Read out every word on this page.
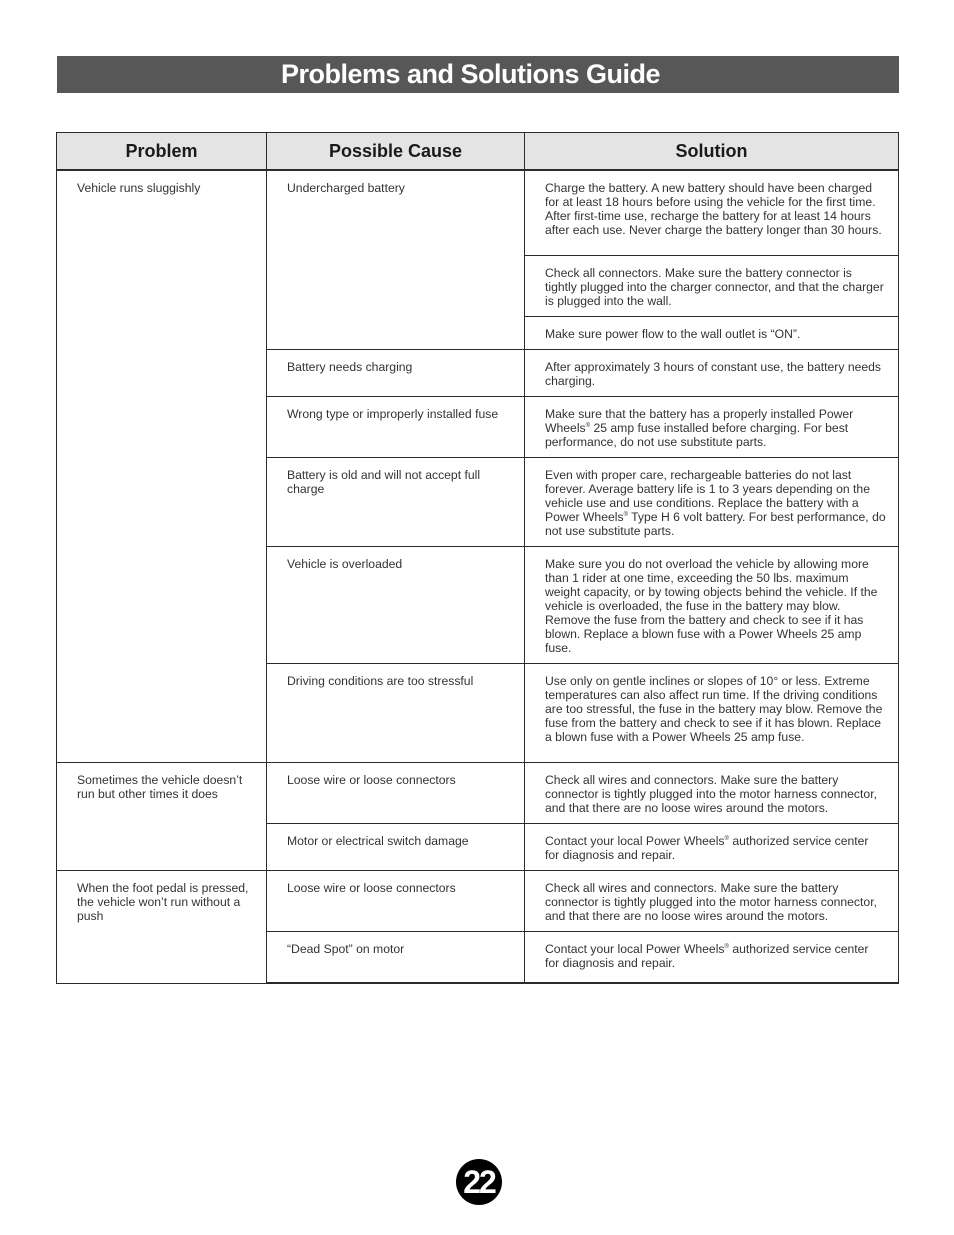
Problems and Solutions Guide
Problem	Possible Cause	Solution
Vehicle runs sluggishly	Undercharged battery	Charge the battery. A new battery should have been charged for at least 18 hours before using the vehicle for the first time. After first-time use, recharge the battery for at least 14 hours after each use. Never charge the battery longer than 30 hours.
		Check all connectors. Make sure the battery connector is tightly plugged into the charger connector, and that the charger is plugged into the wall.
		Make sure power flow to the wall outlet is “ON”.
	Battery needs charging	After approximately 3 hours of constant use, the battery needs charging.
	Wrong type or improperly installed fuse	Make sure that the battery has a properly installed Power Wheels® 25 amp fuse installed before charging. For best performance, do not use substitute parts.
	Battery is old and will not accept full charge	Even with proper care, rechargeable batteries do not last forever. Average battery life is 1 to 3 years depending on the vehicle use and use conditions. Replace the battery with a Power Wheels® Type H 6 volt battery. For best performance, do not use substitute parts.
	Vehicle is overloaded	Make sure you do not overload the vehicle by allowing more than 1 rider at one time, exceeding the 50 lbs. maximum weight capacity, or by towing objects behind the vehicle. If the vehicle is overloaded, the fuse in the battery may blow. Remove the fuse from the battery and check to see if it has blown. Replace a blown fuse with a Power Wheels 25 amp fuse.
	Driving conditions are too stressful	Use only on gentle inclines or slopes of 10° or less. Extreme temperatures can also affect run time. If the driving conditions are too stressful, the fuse in the battery may blow. Remove the fuse from the battery and check to see if it has blown. Replace a blown fuse with a Power Wheels 25 amp fuse.
Sometimes the vehicle doesn’t run but other times it does	Loose wire or loose connectors	Check all wires and connectors. Make sure the battery connector is tightly plugged into the motor harness connector, and that there are no loose wires around the motors.
	Motor or electrical switch damage	Contact your local Power Wheels® authorized service center for diagnosis and repair.
When the foot pedal is pressed, the vehicle won’t run without a push	Loose wire or loose connectors	Check all wires and connectors. Make sure the battery connector is tightly plugged into the motor harness connector, and that there are no loose wires around the motors.
	“Dead Spot” on motor	Contact your local Power Wheels® authorized service center for diagnosis and repair.
22
